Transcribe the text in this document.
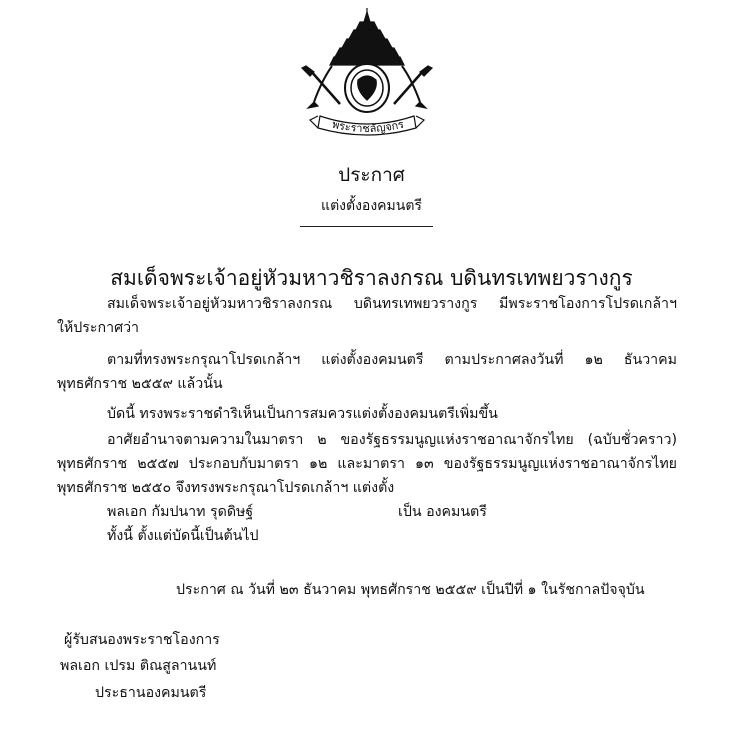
พระราชลัญจกร
ประกาศ
แต่งตั้งองคมนตรี
สมเด็จพระเจ้าอยู่หัวมหาวชิราลงกรณ บดินทรเทพยวรางกูร
สมเด็จพระเจ้าอยู่หัวมหาวชิราลงกรณ บดินทรเทพยวรางกูร มีพระราชโองการโปรดเกล้าฯ
ให้ประกาศว่า
ตามที่ทรงพระกรุณาโปรดเกล้าฯ แต่งตั้งองคมนตรี ตามประกาศลงวันที่ ๑๒ ธันวาคม
พุทธศักราช ๒๕๕๙ แล้วนั้น
บัดนี้ ทรงพระราชดำริเห็นเป็นการสมควรแต่งตั้งองคมนตรีเพิ่มขึ้น
อาศัยอำนาจตามความในมาตรา ๒ ของรัฐธรรมนูญแห่งราชอาณาจักรไทย (ฉบับชั่วคราว)
พุทธศักราช ๒๕๕๗ ประกอบกับมาตรา ๑๒ และมาตรา ๑๓ ของรัฐธรรมนูญแห่งราชอาณาจักรไทย
พุทธศักราช ๒๕๕๐ จึงทรงพระกรุณาโปรดเกล้าฯ แต่งตั้ง
พลเอก กัมปนาท รุดดิษฐ์	เป็น องคมนตรี
ทั้งนี้ ตั้งแต่บัดนี้เป็นต้นไป
ประกาศ ณ วันที่ ๒๓ ธันวาคม พุทธศักราช ๒๕๕๙ เป็นปีที่ ๑ ในรัชกาลปัจจุบัน
ผู้รับสนองพระราชโองการ
พลเอก เปรม ติณสูลานนท์
ประธานองคมนตรี
